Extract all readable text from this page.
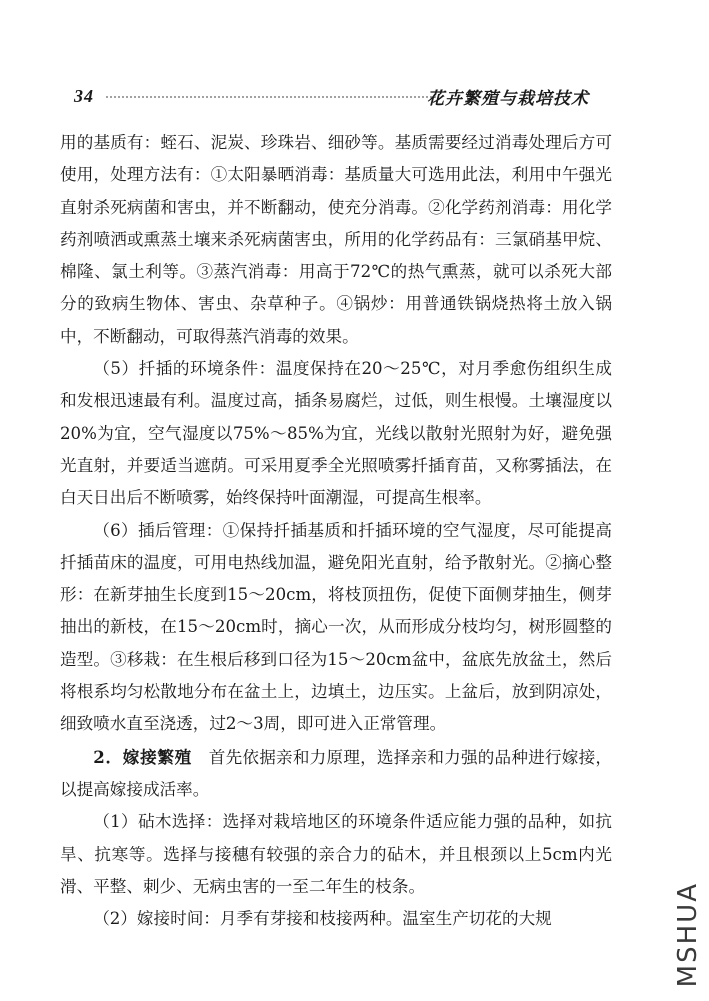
34	花卉繁殖与栽培技术

用的基质有：蛭石、泥炭、珍珠岩、细砂等。基质需要经过消毒处理后方可使用，处理方法有：①太阳暴晒消毒：基质量大可选用此法，利用中午强光直射杀死病菌和害虫，并不断翻动，使充分消毒。②化学药剂消毒：用化学药剂喷洒或熏蒸土壤来杀死病菌害虫，所用的化学药品有：三氯硝基甲烷、棉隆、氯土利等。③蒸汽消毒：用高于72℃的热气熏蒸，就可以杀死大部分的致病生物体、害虫、杂草种子。④锅炒：用普通铁锅烧热将土放入锅中，不断翻动，可取得蒸汽消毒的效果。

（5）扦插的环境条件：温度保持在20～25℃，对月季愈伤组织生成和发根迅速最有利。温度过高，插条易腐烂，过低，则生根慢。土壤湿度以20%为宜，空气湿度以75%～85%为宜，光线以散射光照射为好，避免强光直射，并要适当遮荫。可采用夏季全光照喷雾扦插育苗，又称雾插法，在白天日出后不断喷雾，始终保持叶面潮湿，可提高生根率。

（6）插后管理：①保持扦插基质和扦插环境的空气湿度，尽可能提高扦插苗床的温度，可用电热线加温，避免阳光直射，给予散射光。②摘心整形：在新芽抽生长度到15～20cm，将枝顶扭伤，促使下面侧芽抽生，侧芽抽出的新枝，在15～20cm时，摘心一次，从而形成分枝均匀，树形圆整的造型。③移栽：在生根后移到口径为15～20cm盆中，盆底先放盆土，然后将根系均匀松散地分布在盆土上，边填土，边压实。上盆后，放到阴凉处，细致喷水直至浇透，过2～3周，即可进入正常管理。

2．嫁接繁殖　首先依据亲和力原理，选择亲和力强的品种进行嫁接，以提高嫁接成活率。

（1）砧木选择：选择对栽培地区的环境条件适应能力强的品种，如抗旱、抗寒等。选择与接穗有较强的亲合力的砧木，并且根颈以上5cm内光滑、平整、刺少、无病虫害的一至二年生的枝条。

（2）嫁接时间：月季有芽接和枝接两种。温室生产切花的大规	MSHUA
